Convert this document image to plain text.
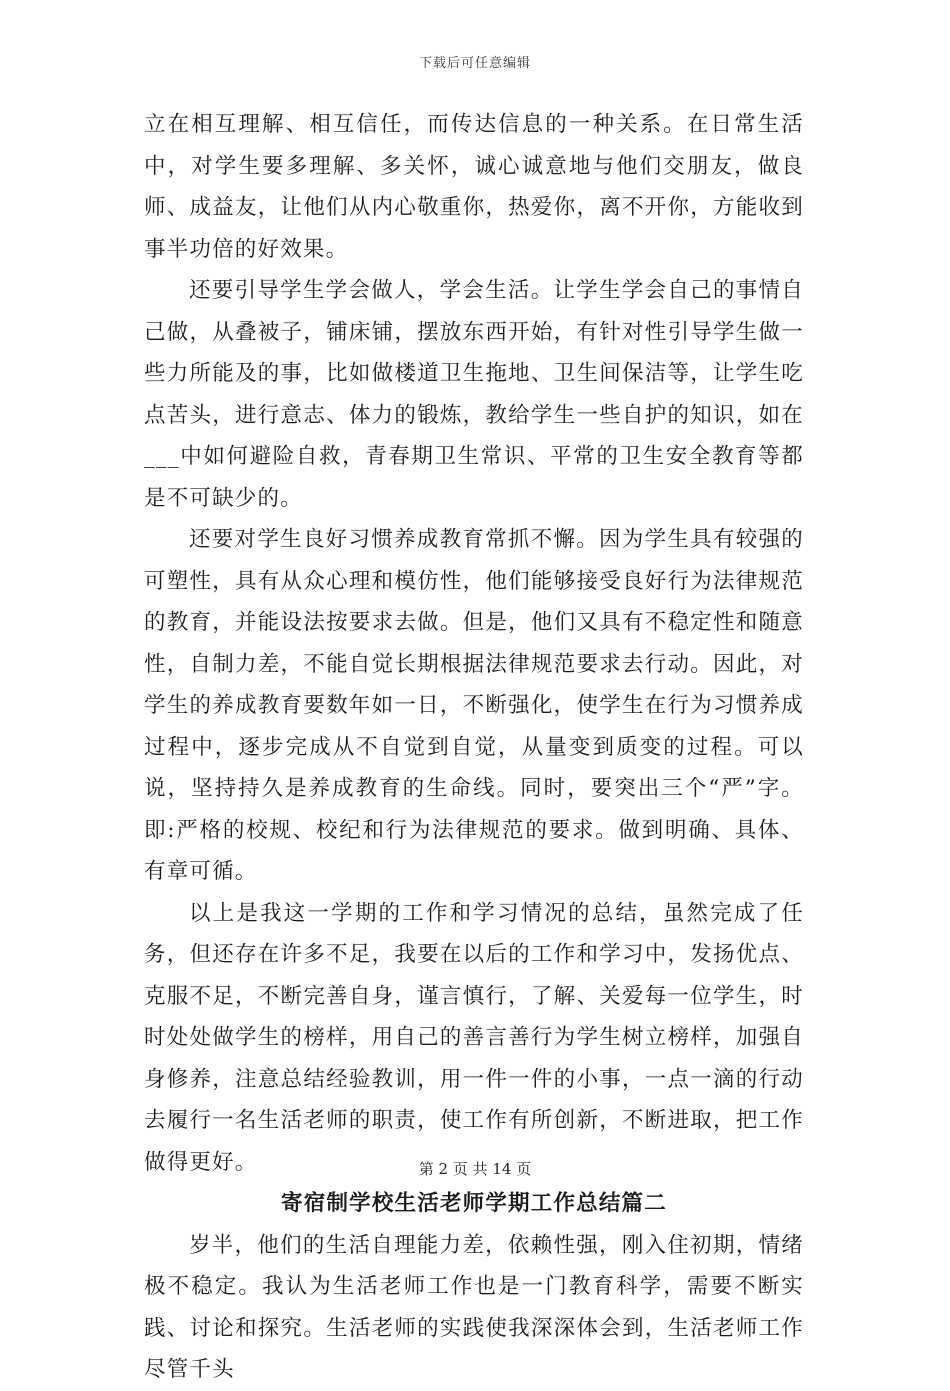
下载后可任意编辑

立在相互理解、相互信任，而传达信息的一种关系。在日常生活中，对学生要多理解、多关怀，诚心诚意地与他们交朋友，做良师、成益友，让他们从内心敬重你，热爱你，离不开你，方能收到事半功倍的好效果。

还要引导学生学会做人，学会生活。让学生学会自己的事情自己做，从叠被子，铺床铺，摆放东西开始，有针对性引导学生做一些力所能及的事，比如做楼道卫生拖地、卫生间保洁等，让学生吃点苦头，进行意志、体力的锻炼，教给学生一些自护的知识，如在___中如何避险自救，青春期卫生常识、平常的卫生安全教育等都是不可缺少的。

还要对学生良好习惯养成教育常抓不懈。因为学生具有较强的可塑性，具有从众心理和模仿性，他们能够接受良好行为法律规范的教育，并能设法按要求去做。但是，他们又具有不稳定性和随意性，自制力差，不能自觉长期根据法律规范要求去行动。因此，对学生的养成教育要数年如一日，不断强化，使学生在行为习惯养成过程中，逐步完成从不自觉到自觉，从量变到质变的过程。可以说，坚持持久是养成教育的生命线。同时，要突出三个“严”字。即:严格的校规、校纪和行为法律规范的要求。做到明确、具体、有章可循。

以上是我这一学期的工作和学习情况的总结，虽然完成了任务，但还存在许多不足，我要在以后的工作和学习中，发扬优点、克服不足，不断完善自身，谨言慎行，了解、关爱每一位学生，时时处处做学生的榜样，用自己的善言善行为学生树立榜样，加强自身修养，注意总结经验教训，用一件一件的小事，一点一滴的行动去履行一名生活老师的职责，使工作有所创新，不断进取，把工作做得更好。

寄宿制学校生活老师学期工作总结篇二

岁半，他们的生活自理能力差，依赖性强，刚入住初期，情绪极不稳定。我认为生活老师工作也是一门教育科学，需要不断实践、讨论和探究。生活老师的实践使我深深体会到，生活老师工作尽管千头

第 2 页 共 14 页
